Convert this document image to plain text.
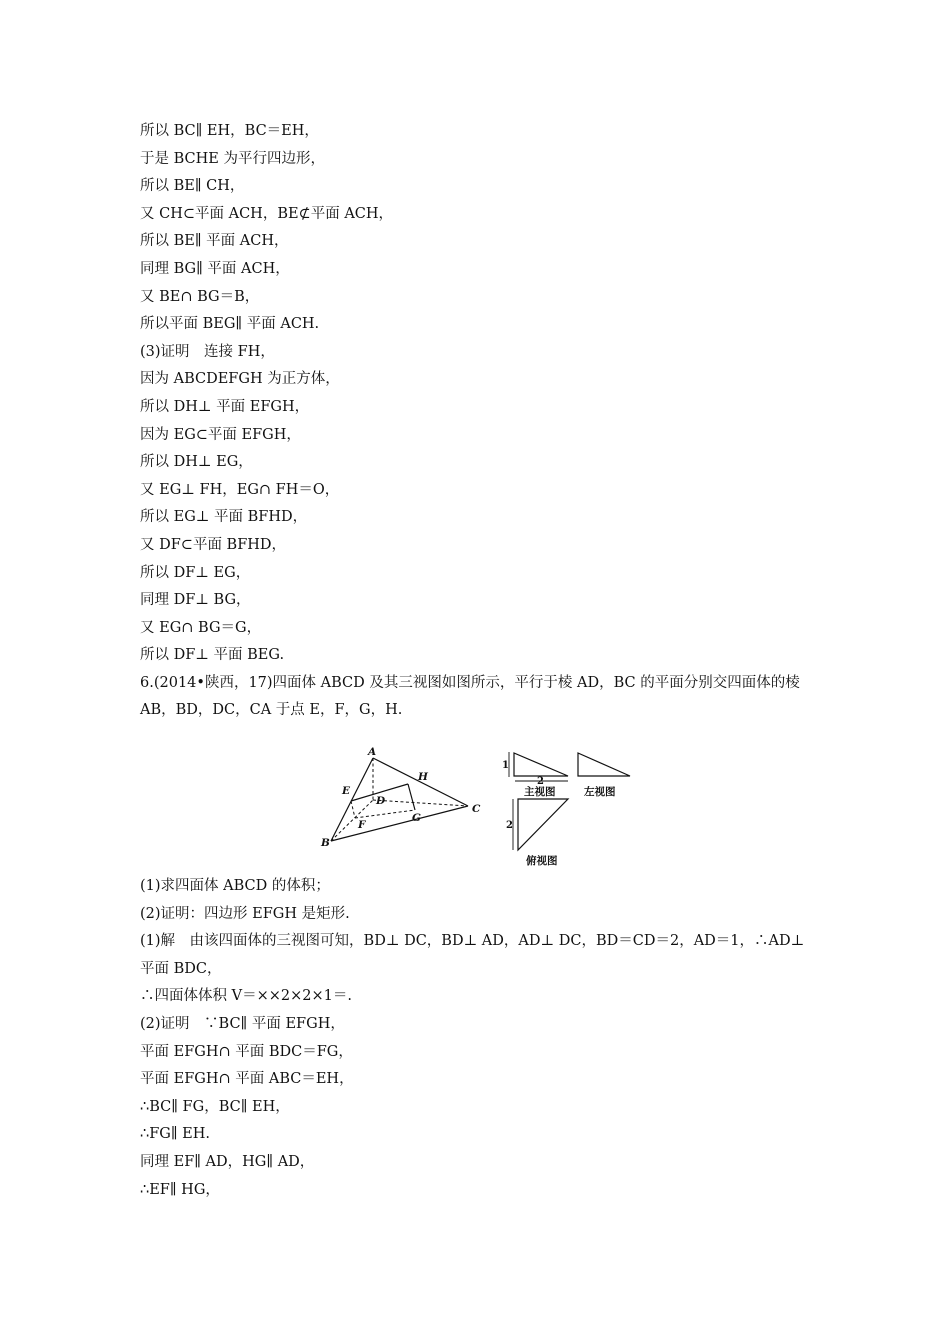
所以 BC∥ EH，BC＝EH，
于是 BCHE 为平行四边形，
所以 BE∥ CH，
又 CH⊂平面 ACH，BE⊄平面 ACH，
所以 BE∥ 平面 ACH，
同理 BG∥ 平面 ACH，
又 BE∩ BG＝B，
所以平面 BEG∥ 平面 ACH.
(3)证明　连接 FH，
因为 ABCDEFGH 为正方体，
所以 DH⊥ 平面 EFGH，
因为 EG⊂平面 EFGH，
所以 DH⊥ EG，
又 EG⊥ FH，EG∩ FH＝O，
所以 EG⊥ 平面 BFHD，
又 DF⊂平面 BFHD，
所以 DF⊥ EG，
同理 DF⊥ BG，
又 EG∩ BG＝G，
所以 DF⊥ 平面 BEG.
6.(2014•陕西，17)四面体 ABCD 及其三视图如图所示，平行于棱 AD，BC 的平面分别交四面体的棱 AB，BD，DC，CA 于点 E，F，G，H.
A
B
C
D
E
F
G
H
1
2
主视图	左视图
2
俯视图
(1)求四面体 ABCD 的体积；
(2)证明：四边形 EFGH 是矩形.
(1)解　由该四面体的三视图可知，BD⊥ DC，BD⊥ AD，AD⊥ DC，BD＝CD＝2，AD＝1，∴AD⊥
平面 BDC，
∴四面体体积 V＝××2×2×1＝.
(2)证明　∵BC∥ 平面 EFGH，
平面 EFGH∩ 平面 BDC＝FG，
平面 EFGH∩ 平面 ABC＝EH，
∴BC∥ FG，BC∥ EH，
∴FG∥ EH.
同理 EF∥ AD，HG∥ AD，
∴EF∥ HG，
